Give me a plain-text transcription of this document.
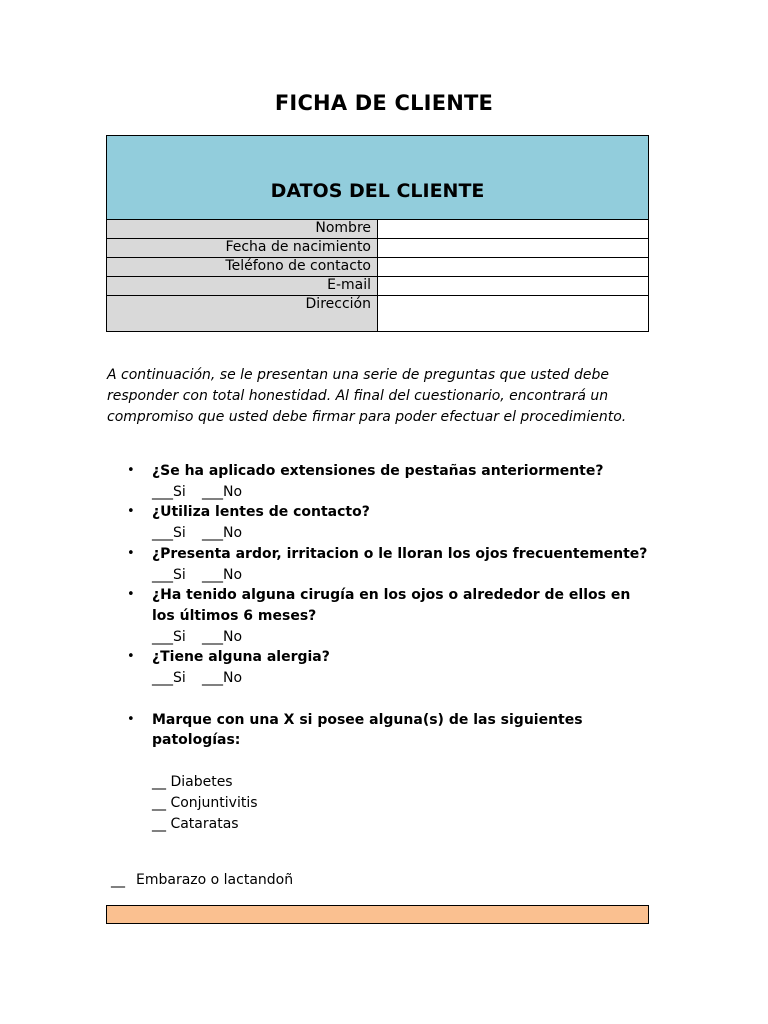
FICHA DE CLIENTE
DATOS DEL CLIENTE	
Nombre	
Fecha de nacimiento	
Teléfono de contacto	
E-mail	
Dirección	
A continuación, se le presentan una serie de preguntas que usted debe responder con total honestidad. Al final del cuestionario, encontrará un compromiso que usted debe firmar para poder efectuar el procedimiento.
• ¿Se ha aplicado extensiones de pestañas anteriormente?
___Si ___No
• ¿Utiliza lentes de contacto?
___Si ___No
• ¿Presenta ardor, irritacion o le lloran los ojos frecuentemente?
___Si ___No
• ¿Ha tenido alguna cirugía en los ojos o alrededor de ellos en los últimos 6 meses?
___Si ___No
• ¿Tiene alguna alergia?
___Si ___No
• Marque con una X si posee alguna(s) de las siguientes patologías:
__ Diabetes
__ Conjuntivitis
__ Cataratas
__ Embarazo o lactandoñ
